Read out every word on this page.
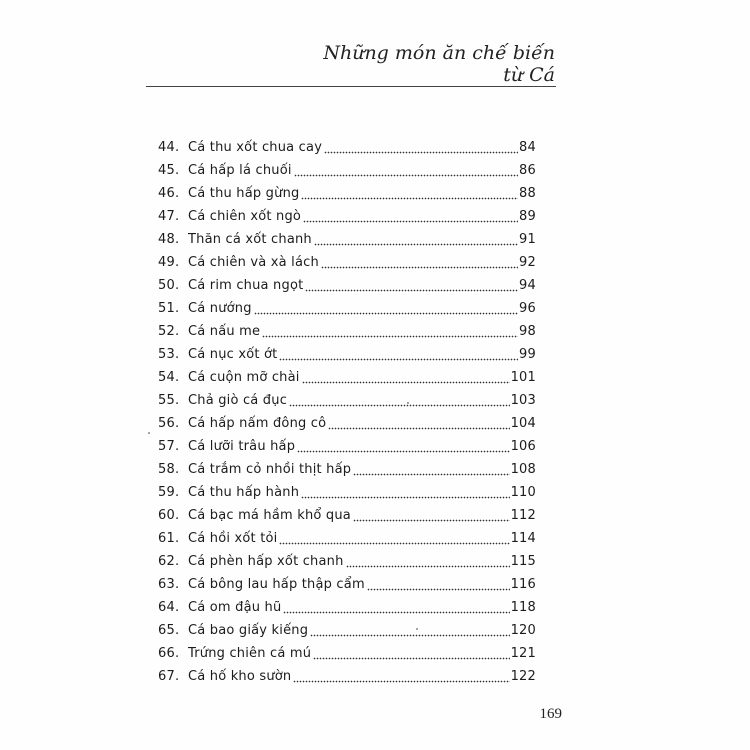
Những món ăn chế biến từ Cá
44. Cá thu xốt chua cay	84
45. Cá hấp lá chuối	86
46. Cá thu hấp gừng	88
47. Cá chiên xốt ngò	89
48. Thăn cá xốt chanh	91
49. Cá chiên và xà lách	92
50. Cá rim chua ngọt	94
51. Cá nướng	96
52. Cá nấu me	98
53. Cá nục xốt ớt	99
54. Cá cuộn mỡ chài	101
55. Chả giò cá đục	103
56. Cá hấp nấm đông cô	104
57. Cá lưỡi trâu hấp	106
58. Cá trắm cỏ nhồi thịt hấp	108
59. Cá thu hấp hành	110
60. Cá bạc má hầm khổ qua	112
61. Cá hồi xốt tỏi	114
62. Cá phèn hấp xốt chanh	115
63. Cá bông lau hấp thập cẩm	116
64. Cá om đậu hũ	118
65. Cá bao giấy kiếng	120
66. Trứng chiên cá mú	121
67. Cá hố kho sườn	122
169
